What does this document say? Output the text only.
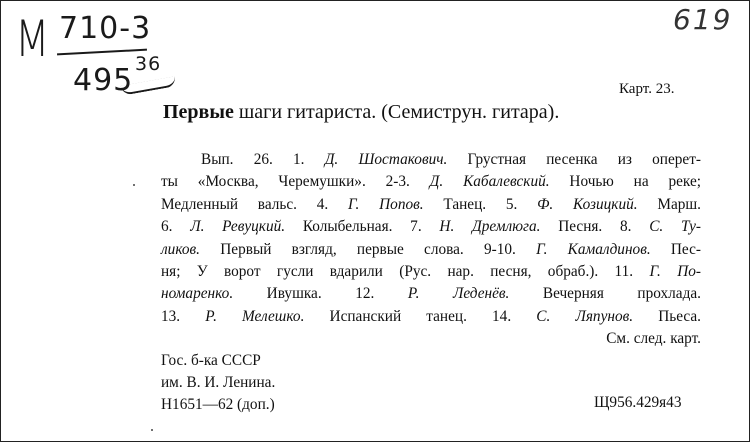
М 710-3
495 36
619
Карт. 23.
Первые шаги гитариста. (Семиструн. гитара).
Вып. 26. 1. Д. Шостакович. Грустная песенка из оперет-
ты «Москва, Черемушки». 2-3. Д. Кабалевский. Ночью на реке;
Медленный вальс. 4. Г. Попов. Танец. 5. Ф. Козицкий. Марш.
6. Л. Ревуцкий. Колыбельная. 7. Н. Дремлюга. Песня. 8. С. Ту-
ликов. Первый взгляд, первые слова. 9-10. Г. Камалдинов. Пес-
ня; У ворот гусли вдарили (Рус. нар. песня, обраб.). 11. Г. По-
номаренко. Ивушка. 12. Р. Леденёв. Вечерняя прохлада.
13. Р. Мелешко. Испанский танец. 14. С. Ляпунов. Пьеса.
См. след. карт.
Гос. б-ка СССР
им. В. И. Ленина.
Н1651—62 (доп.)	Щ956.429я43
